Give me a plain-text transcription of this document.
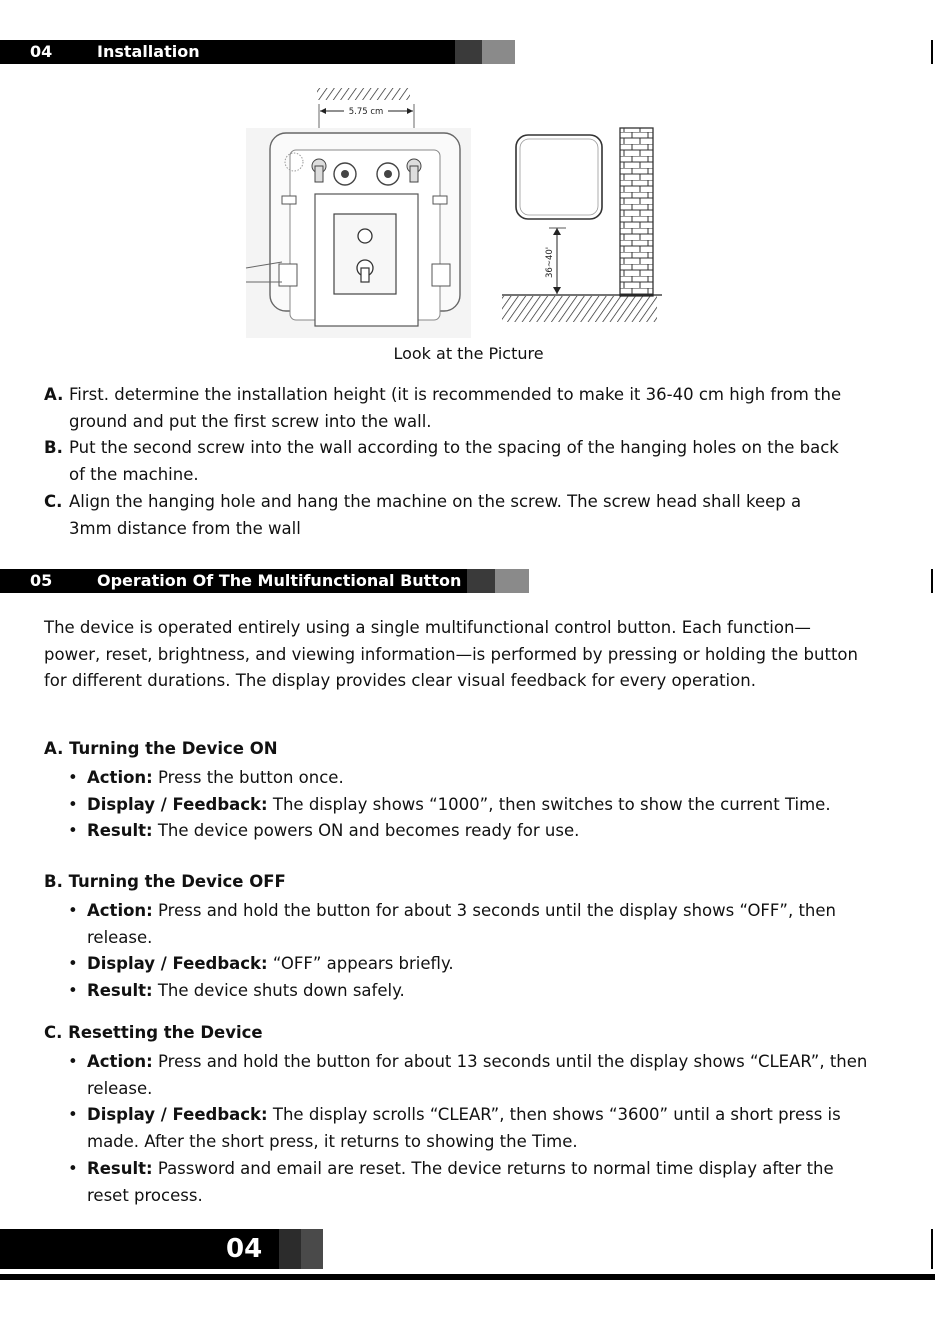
04	Installation
5.75 cm
36~40'
Look at the Picture
A. First. determine the installation height (it is recommended to make it 36-40 cm high from the ground and put the first screw into the wall.
B. Put the second screw into the wall according to the spacing of the hanging holes on the back of the machine.
C. Align the hanging hole and hang the machine on the screw. The screw head shall keep a 3mm distance from the wall
05	Operation Of The Multifunctional Button
The device is operated entirely using a single multifunctional control button. Each function—power, reset, brightness, and viewing information—is performed by pressing or holding the button for different durations. The display provides clear visual feedback for every operation.
A. Turning the Device ON
• Action: Press the button once.
• Display / Feedback: The display shows “1000”, then switches to show the current Time.
• Result: The device powers ON and becomes ready for use.
B. Turning the Device OFF
• Action: Press and hold the button for about 3 seconds until the display shows “OFF”, then release.
• Display / Feedback: “OFF” appears briefly.
• Result: The device shuts down safely.
C. Resetting the Device
• Action: Press and hold the button for about 13 seconds until the display shows “CLEAR”, then release.
• Display / Feedback: The display scrolls “CLEAR”, then shows “3600” until a short press is made. After the short press, it returns to showing the Time.
• Result: Password and email are reset. The device returns to normal time display after the reset process.
04
